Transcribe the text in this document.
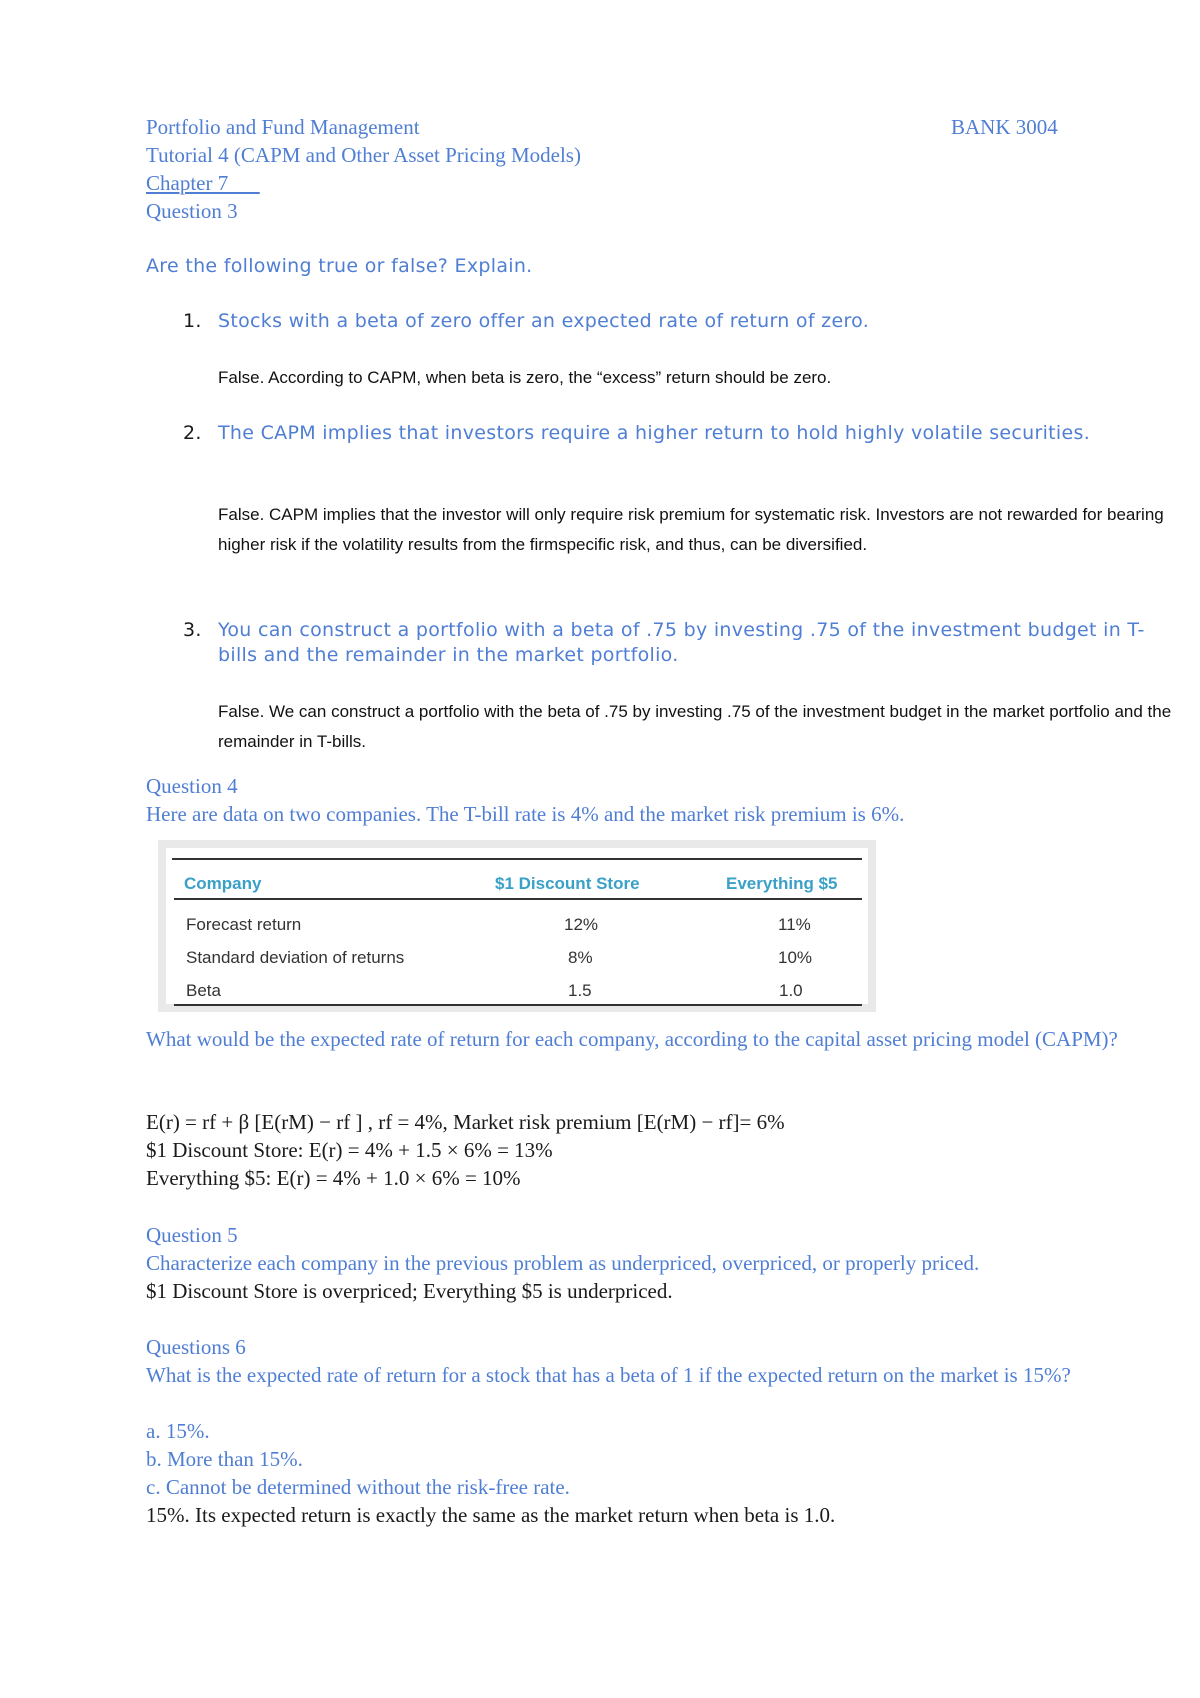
Portfolio and Fund Management	BANK 3004
Tutorial 4 (CAPM and Other Asset Pricing Models)
Chapter 7
Question 3
Are the following true or false? Explain.
1. Stocks with a beta of zero offer an expected rate of return of zero.
False. According to CAPM, when beta is zero, the “excess” return should be zero.
2. The CAPM implies that investors require a higher return to hold highly volatile securities.
False. CAPM implies that the investor will only require risk premium for systematic risk. Investors are not rewarded for bearing higher risk if the volatility results from the firmspecific risk, and thus, can be diversified.
3. You can construct a portfolio with a beta of .75 by investing .75 of the investment budget in T- bills and the remainder in the market portfolio.
False. We can construct a portfolio with the beta of .75 by investing .75 of the investment budget in the market portfolio and the remainder in T-bills.
Question 4
Here are data on two companies. The T-bill rate is 4% and the market risk premium is 6%.
Company	$1 Discount Store	Everything $5
Forecast return	12%	11%
Standard deviation of returns	8%	10%
Beta	1.5	1.0
What would be the expected rate of return for each company, according to the capital asset pricing model (CAPM)?
E(r) = rf + β [E(rM) − rf ] , rf = 4%, Market risk premium [E(rM) − rf]= 6%
$1 Discount Store: E(r) = 4% + 1.5 × 6% = 13%
Everything $5: E(r) = 4% + 1.0 × 6% = 10%
Question 5
Characterize each company in the previous problem as underpriced, overpriced, or properly priced.
$1 Discount Store is overpriced; Everything $5 is underpriced.
Questions 6
What is the expected rate of return for a stock that has a beta of 1 if the expected return on the market is 15%?
a. 15%.
b. More than 15%.
c. Cannot be determined without the risk-free rate.
15%. Its expected return is exactly the same as the market return when beta is 1.0.
